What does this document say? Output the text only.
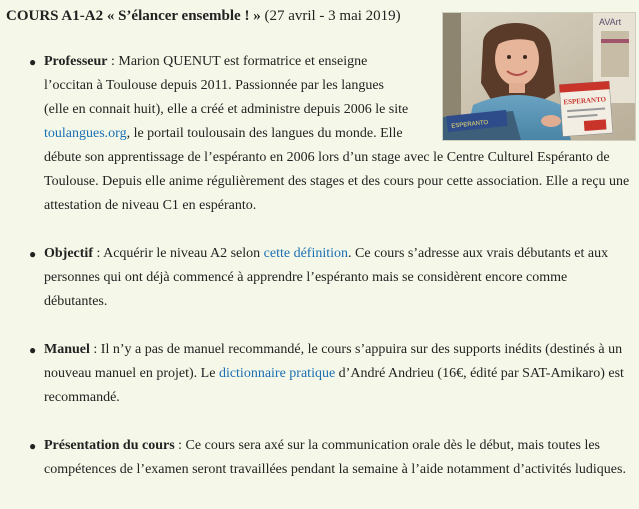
COURS A1-A2 « S’élancer ensemble ! » (27 avril - 3 mai 2019)
ESPERANTO
ESPERANTO
AVArt
● Professeur : Marion QUENUT est formatrice et enseigne l’occitan à Toulouse depuis 2011. Passionnée par les langues (elle en connait huit), elle a créé et administre depuis 2006 le site toulangues.org, le portail toulousain des langues du monde. Elle débute son apprentissage de l’espéranto en 2006 lors d’un stage avec le Centre Culturel Espéranto de Toulouse. Depuis elle anime régulièrement des stages et des cours pour cette association. Elle a reçu une attestation de niveau C1 en espéranto.

● Objectif : Acquérir le niveau A2 selon cette définition. Ce cours s’adresse aux vrais débutants et aux personnes qui ont déjà commencé à apprendre l’espéranto mais se considèrent encore comme débutantes.

● Manuel : Il n’y a pas de manuel recommandé, le cours s’appuira sur des supports inédits (destinés à un nouveau manuel en projet). Le dictionnaire pratique d’André Andrieu (16€, édité par SAT-Amikaro) est recommandé.

● Présentation du cours : Ce cours sera axé sur la communication orale dès le début, mais toutes les compétences de l’examen seront travaillées pendant la semaine à l’aide notamment d’activités ludiques.
